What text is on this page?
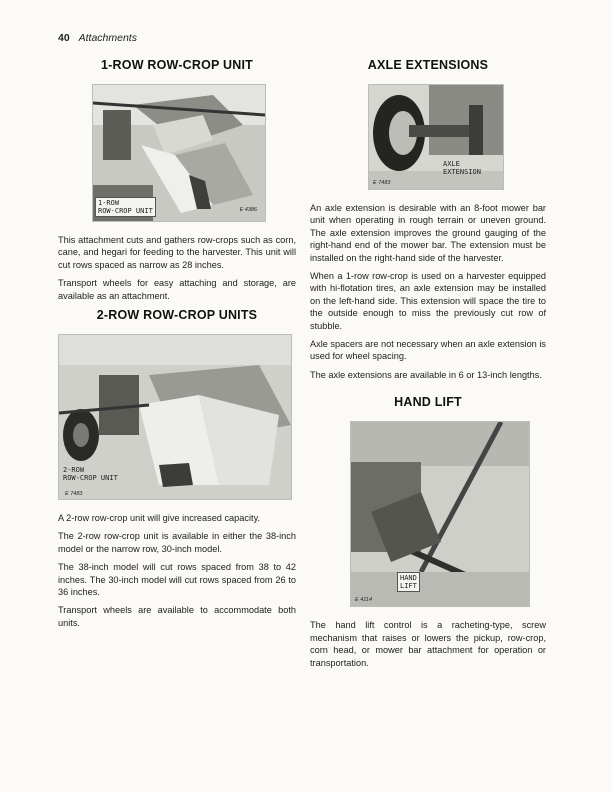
40 Attachments
1-ROW ROW-CROP UNIT
1-ROW
ROW-CROP UNIT	E 4386

This attachment cuts and gathers row-crops such as corn, cane, and hegari for feeding to the harvester. This unit will cut rows spaced as narrow as 28 inches.

Transport wheels for easy attaching and storage, are available as an attachment.

2-ROW ROW-CROP UNITS
2-ROW
ROW-CROP UNIT
E 7483

A 2-row row-crop unit will give increased capacity.

The 2-row row-crop unit is available in either the 38-inch model or the narrow row, 30-inch model.

The 38-inch model will cut rows spaced from 38 to 42 inches. The 30-inch model will cut rows spaced from 26 to 36 inches.

Transport wheels are available to accommodate both units.

AXLE EXTENSIONS
AXLE
EXTENSION
E 7483

An axle extension is desirable with an 8-foot mower bar unit when operating in rough terrain or uneven ground. The axle extension improves the ground gauging of the right-hand end of the mower bar. The extension must be installed on the right-hand side of the harvester.

When a 1-row row-crop is used on a harvester equipped with hi-flotation tires, an axle extension may be installed on the left-hand side. This extension will space the tire to the outside enough to miss the previously cut row of stubble.

Axle spacers are not necessary when an axle extension is used for wheel spacing.

The axle extensions are available in 6 or 13-inch lengths.

HAND LIFT
HAND
LIFT
E 4114

The hand lift control is a racheting-type, screw mechanism that raises or lowers the pickup, row-crop, corn head, or mower bar attachment for operation or transportation.
